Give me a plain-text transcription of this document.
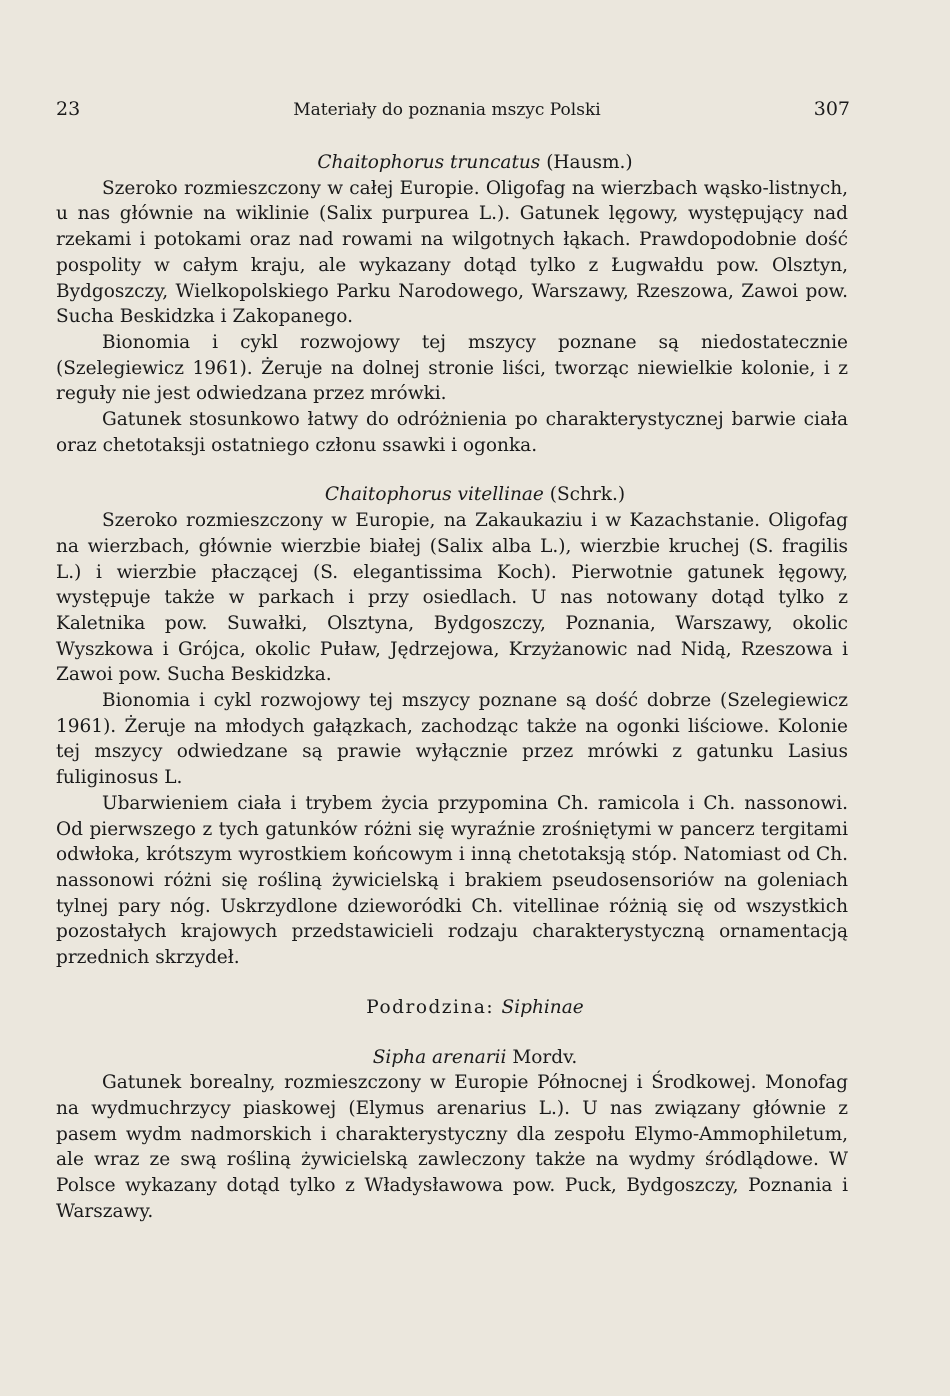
23	Materiały do poznania mszyc Polski	307

Chaitophorus truncatus (Hausm.)

Szeroko rozmieszczony w całej Europie. Oligofag na wierzbach wąsko-listnych, u nas głównie na wiklinie (Salix purpurea L.). Gatunek lęgowy, występujący nad rzekami i potokami oraz nad rowami na wilgotnych łąkach. Prawdopodobnie dość pospolity w całym kraju, ale wykazany dotąd tylko z Ługwałdu pow. Olsztyn, Bydgoszczy, Wielkopolskiego Parku Narodowego, Warszawy, Rzeszowa, Zawoi pow. Sucha Beskidzka i Zakopanego.

Bionomia i cykl rozwojowy tej mszycy poznane są niedostatecznie (Szelegiewicz 1961). Żeruje na dolnej stronie liści, tworząc niewielkie kolonie, i z reguły nie jest odwiedzana przez mrówki.

Gatunek stosunkowo łatwy do odróżnienia po charakterystycznej barwie ciała oraz chetotaksji ostatniego członu ssawki i ogonka.

Chaitophorus vitellinae (Schrk.)

Szeroko rozmieszczony w Europie, na Zakaukaziu i w Kazachstanie. Oligofag na wierzbach, głównie wierzbie białej (Salix alba L.), wierzbie kruchej (S. fragilis L.) i wierzbie płaczącej (S. elegantissima Koch). Pierwotnie gatunek łęgowy, występuje także w parkach i przy osiedlach. U nas notowany dotąd tylko z Kaletnika pow. Suwałki, Olsztyna, Bydgoszczy, Poznania, Warszawy, okolic Wyszkowa i Grójca, okolic Puław, Jędrzejowa, Krzyżanowic nad Nidą, Rzeszowa i Zawoi pow. Sucha Beskidzka.

Bionomia i cykl rozwojowy tej mszycy poznane są dość dobrze (Szelegiewicz 1961). Żeruje na młodych gałązkach, zachodząc także na ogonki liściowe. Kolonie tej mszycy odwiedzane są prawie wyłącznie przez mrówki z gatunku Lasius fuliginosus L.

Ubarwieniem ciała i trybem życia przypomina Ch. ramicola i Ch. nassonowi. Od pierwszego z tych gatunków różni się wyraźnie zrośniętymi w pancerz tergitami odwłoka, krótszym wyrostkiem końcowym i inną chetotaksją stóp. Natomiast od Ch. nassonowi różni się rośliną żywicielską i brakiem pseudosensoriów na goleniach tylnej pary nóg. Uskrzydlone dzieworódki Ch. vitellinae różnią się od wszystkich pozostałych krajowych przedstawicieli rodzaju charakterystyczną ornamentacją przednich skrzydeł.

Podrodzina: Siphinae

Sipha arenarii Mordv.

Gatunek borealny, rozmieszczony w Europie Północnej i Środkowej. Monofag na wydmuchrzycy piaskowej (Elymus arenarius L.). U nas związany głównie z pasem wydm nadmorskich i charakterystyczny dla zespołu Elymo-Ammophiletum, ale wraz ze swą rośliną żywicielską zawleczony także na wydmy śródlądowe. W Polsce wykazany dotąd tylko z Władysławowa pow. Puck, Bydgoszczy, Poznania i Warszawy.
